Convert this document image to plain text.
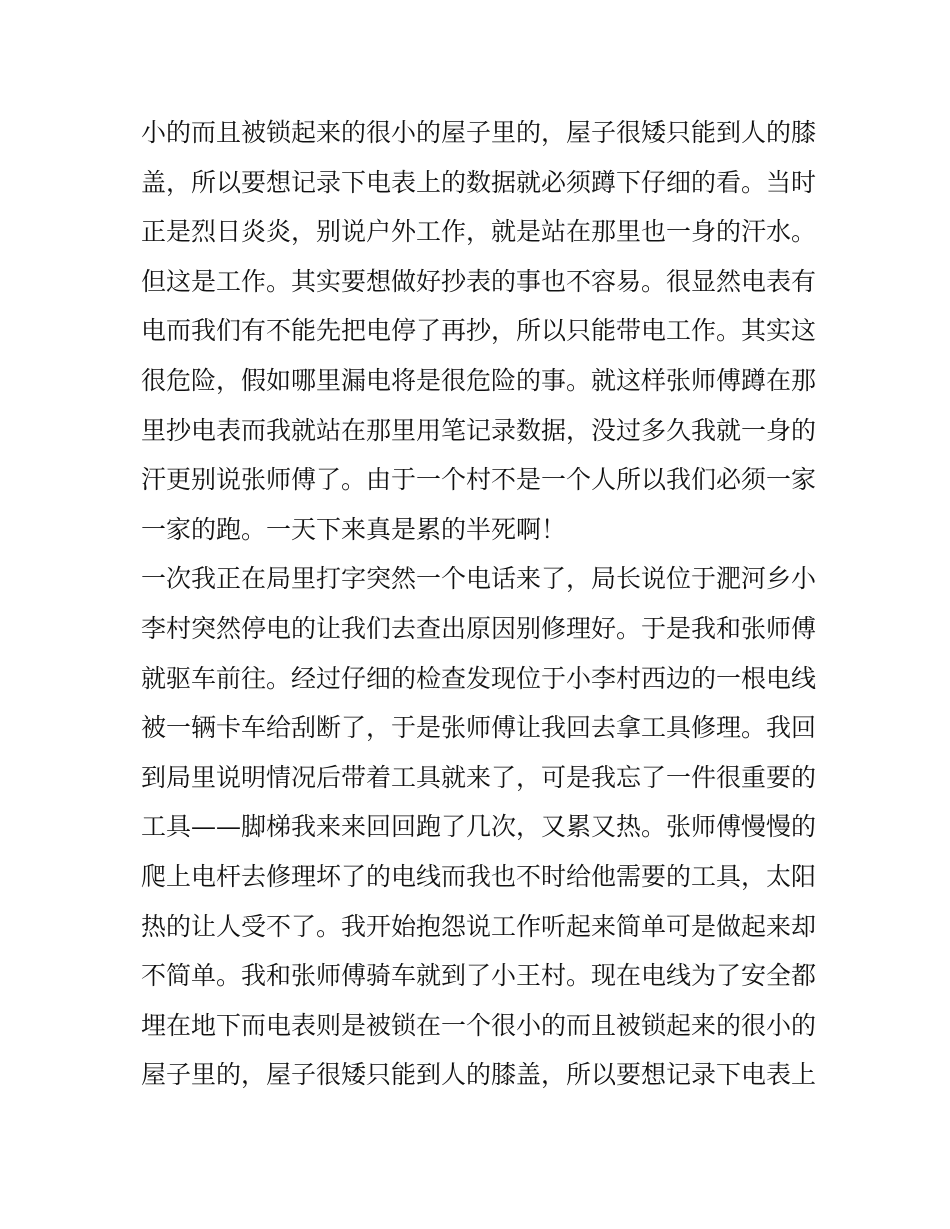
小的而且被锁起来的很小的屋子里的，屋子很矮只能到人的膝
盖，所以要想记录下电表上的数据就必须蹲下仔细的看。当时
正是烈日炎炎，别说户外工作，就是站在那里也一身的汗水。
但这是工作。其实要想做好抄表的事也不容易。很显然电表有
电而我们有不能先把电停了再抄，所以只能带电工作。其实这
很危险，假如哪里漏电将是很危险的事。就这样张师傅蹲在那
里抄电表而我就站在那里用笔记录数据，没过多久我就一身的
汗更别说张师傅了。由于一个村不是一个人所以我们必须一家
一家的跑。一天下来真是累的半死啊！
一次我正在局里打字突然一个电话来了，局长说位于淝河乡小
李村突然停电的让我们去查出原因别修理好。于是我和张师傅
就驱车前往。经过仔细的检查发现位于小李村西边的一根电线
被一辆卡车给刮断了，于是张师傅让我回去拿工具修理。我回
到局里说明情况后带着工具就来了，可是我忘了一件很重要的
工具——脚梯我来来回回跑了几次，又累又热。张师傅慢慢的
爬上电杆去修理坏了的电线而我也不时给他需要的工具，太阳
热的让人受不了。我开始抱怨说工作听起来简单可是做起来却
不简单。我和张师傅骑车就到了小王村。现在电线为了安全都
埋在地下而电表则是被锁在一个很小的而且被锁起来的很小的
屋子里的，屋子很矮只能到人的膝盖，所以要想记录下电表上
